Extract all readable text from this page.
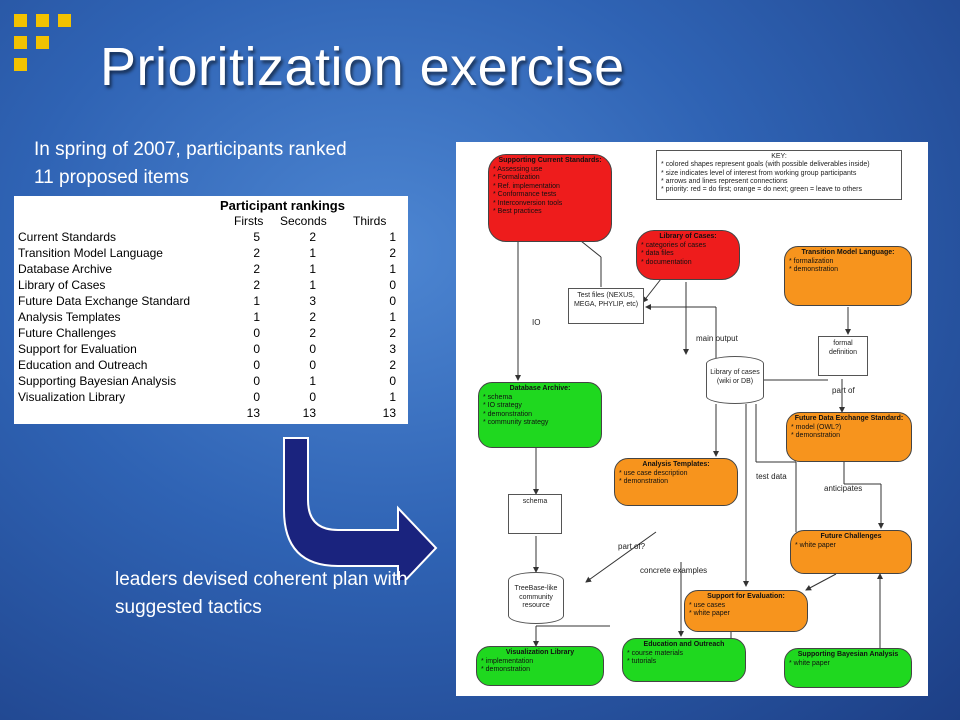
Prioritization exercise
In spring of 2007, participants ranked 11 proposed items
Participant rankings
Firsts Seconds Thirds
Current Standards	5	2	1
Transition Model Language	2	1	2
Database Archive	2	1	1
Library of Cases	2	1	0
Future Data Exchange Standard	1	3	0
Analysis Templates	1	2	1
Future Challenges	0	2	2
Support for Evaluation	0	0	3
Education and Outreach	0	0	2
Supporting Bayesian Analysis	0	1	0
Visualization Library	0	0	1
13	13	13
leaders devised coherent plan with suggested tactics
KEY:
* colored shapes represent goals (with possible deliverables inside)
* size indicates level of interest from working group participants
* arrows and lines represent connections
* priority: red = do first; orange = do next; green = leave to others
Supporting Current Standards:
* Assessing use
* Formalization
* Ref. implementation
* Conformance tests
* Interconversion tools
* Best practices
Library of Cases:
* categories of cases
* data files
* documentation
Transition Model Language:
* formalization
* demonstration
Database Archive:
* schema
* IO strategy
* demonstration
* community strategy
Analysis Templates:
* use case description
* demonstration
Future Data Exchange Standard:
* model (OWL?)
* demonstration
Future Challenges
* white paper
Support for Evaluation:
* use cases
* white paper
Visualization Library
* implementation
* demonstration
Education and Outreach
* course materials
* tutorials
Supporting Bayesian Analysis
* white paper
Test files (NEXUS, MEGA, PHYLIP, etc)
formal definition
schema
Library of cases (wiki or DB)
TreeBase-like community resource
IO
main output
part of
test data
anticipates
part of?
concrete examples
